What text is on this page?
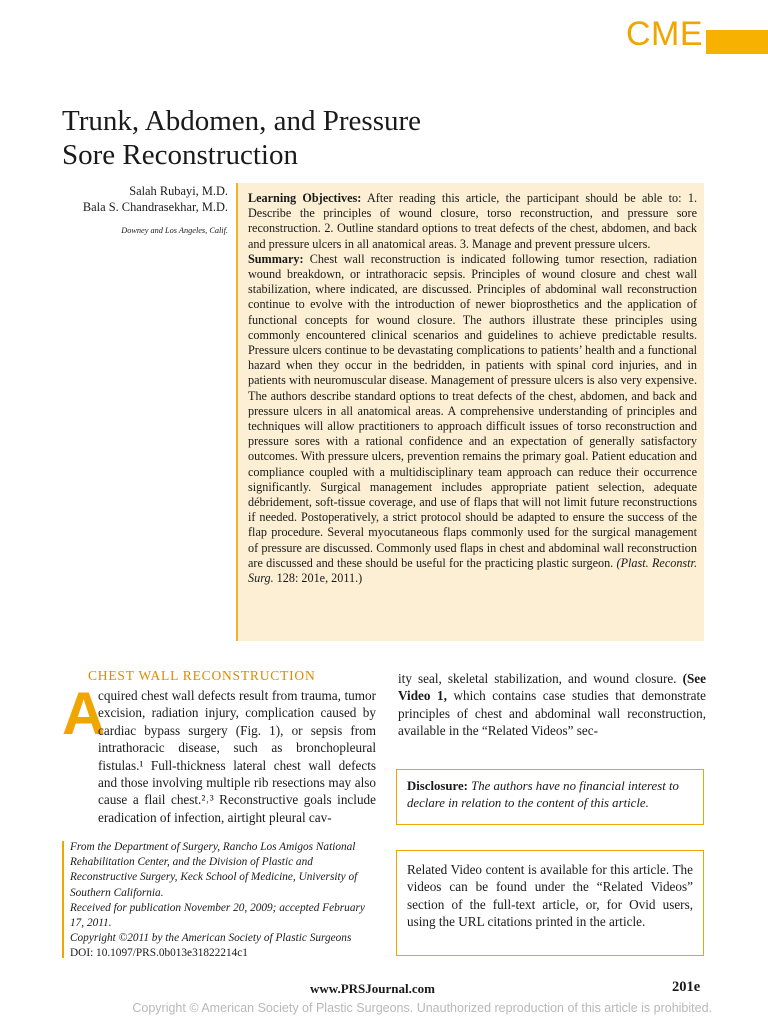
CME
Trunk, Abdomen, and Pressure
Sore Reconstruction
Salah Rubayi, M.D.
Bala S. Chandrasekhar, M.D.
Downey and Los Angeles, Calif.

Learning Objectives: After reading this article, the participant should be able to: 1. Describe the principles of wound closure, torso reconstruction, and pressure sore reconstruction. 2. Outline standard options to treat defects of the chest, abdomen, and back and pressure ulcers in all anatomical areas. 3. Manage and prevent pressure ulcers.

Summary: Chest wall reconstruction is indicated following tumor resection, radiation wound breakdown, or intrathoracic sepsis. Principles of wound closure and chest wall stabilization, where indicated, are discussed. Principles of abdominal wall reconstruction continue to evolve with the introduction of newer bioprosthetics and the application of functional concepts for wound closure. The authors illustrate these principles using commonly encountered clinical scenarios and guidelines to achieve predictable results. Pressure ulcers continue to be devastating complications to patients’ health and a functional hazard when they occur in the bedridden, in patients with spinal cord injuries, and in patients with neuromuscular disease. Management of pressure ulcers is also very expensive. The authors describe standard options to treat defects of the chest, abdomen, and back and pressure ulcers in all anatomical areas. A comprehensive understanding of principles and techniques will allow practitioners to approach difficult issues of torso reconstruction and pressure sores with a rational confidence and an expectation of generally satisfactory outcomes. With pressure ulcers, prevention remains the primary goal. Patient education and compliance coupled with a multidisciplinary team approach can reduce their occurrence significantly. Surgical management includes appropriate patient selection, adequate débridement, soft-tissue coverage, and use of flaps that will not limit future reconstructions if needed. Postoperatively, a strict protocol should be adapted to ensure the success of the flap procedure. Several myocutaneous flaps commonly used for the surgical management of pressure are discussed. Commonly used flaps in chest and abdominal wall reconstruction are discussed and these should be useful for the practicing plastic surgeon. (Plast. Reconstr. Surg. 128: 201e, 2011.)

CHEST WALL RECONSTRUCTION
A
cquired chest wall defects result from trauma, tumor excision, radiation injury, complication caused by cardiac bypass surgery (Fig. 1), or sepsis from intrathoracic disease, such as bronchopleural fistulas.¹ Full-thickness lateral chest wall defects and those involving multiple rib resections may also cause a flail chest.²˒³ Reconstructive goals include eradication of infection, airtight pleural cav-
ity seal, skeletal stabilization, and wound closure. (See Video 1, which contains case studies that demonstrate principles of chest and abdominal wall reconstruction, available in the “Related Videos” sec-
Disclosure: The authors have no financial interest to declare in relation to the content of this article.
Related Video content is available for this article. The videos can be found under the “Related Videos” section of the full-text article, or, for Ovid users, using the URL citations printed in the article.

From the Department of Surgery, Rancho Los Amigos National Rehabilitation Center, and the Division of Plastic and Reconstructive Surgery, Keck School of Medicine, University of Southern California.

Received for publication November 20, 2009; accepted February 17, 2011.

Copyright ©2011 by the American Society of Plastic Surgeons

DOI: 10.1097/PRS.0b013e31822214c1

www.PRSJournal.com	201e
Copyright © American Society of Plastic Surgeons. Unauthorized reproduction of this article is prohibited.
